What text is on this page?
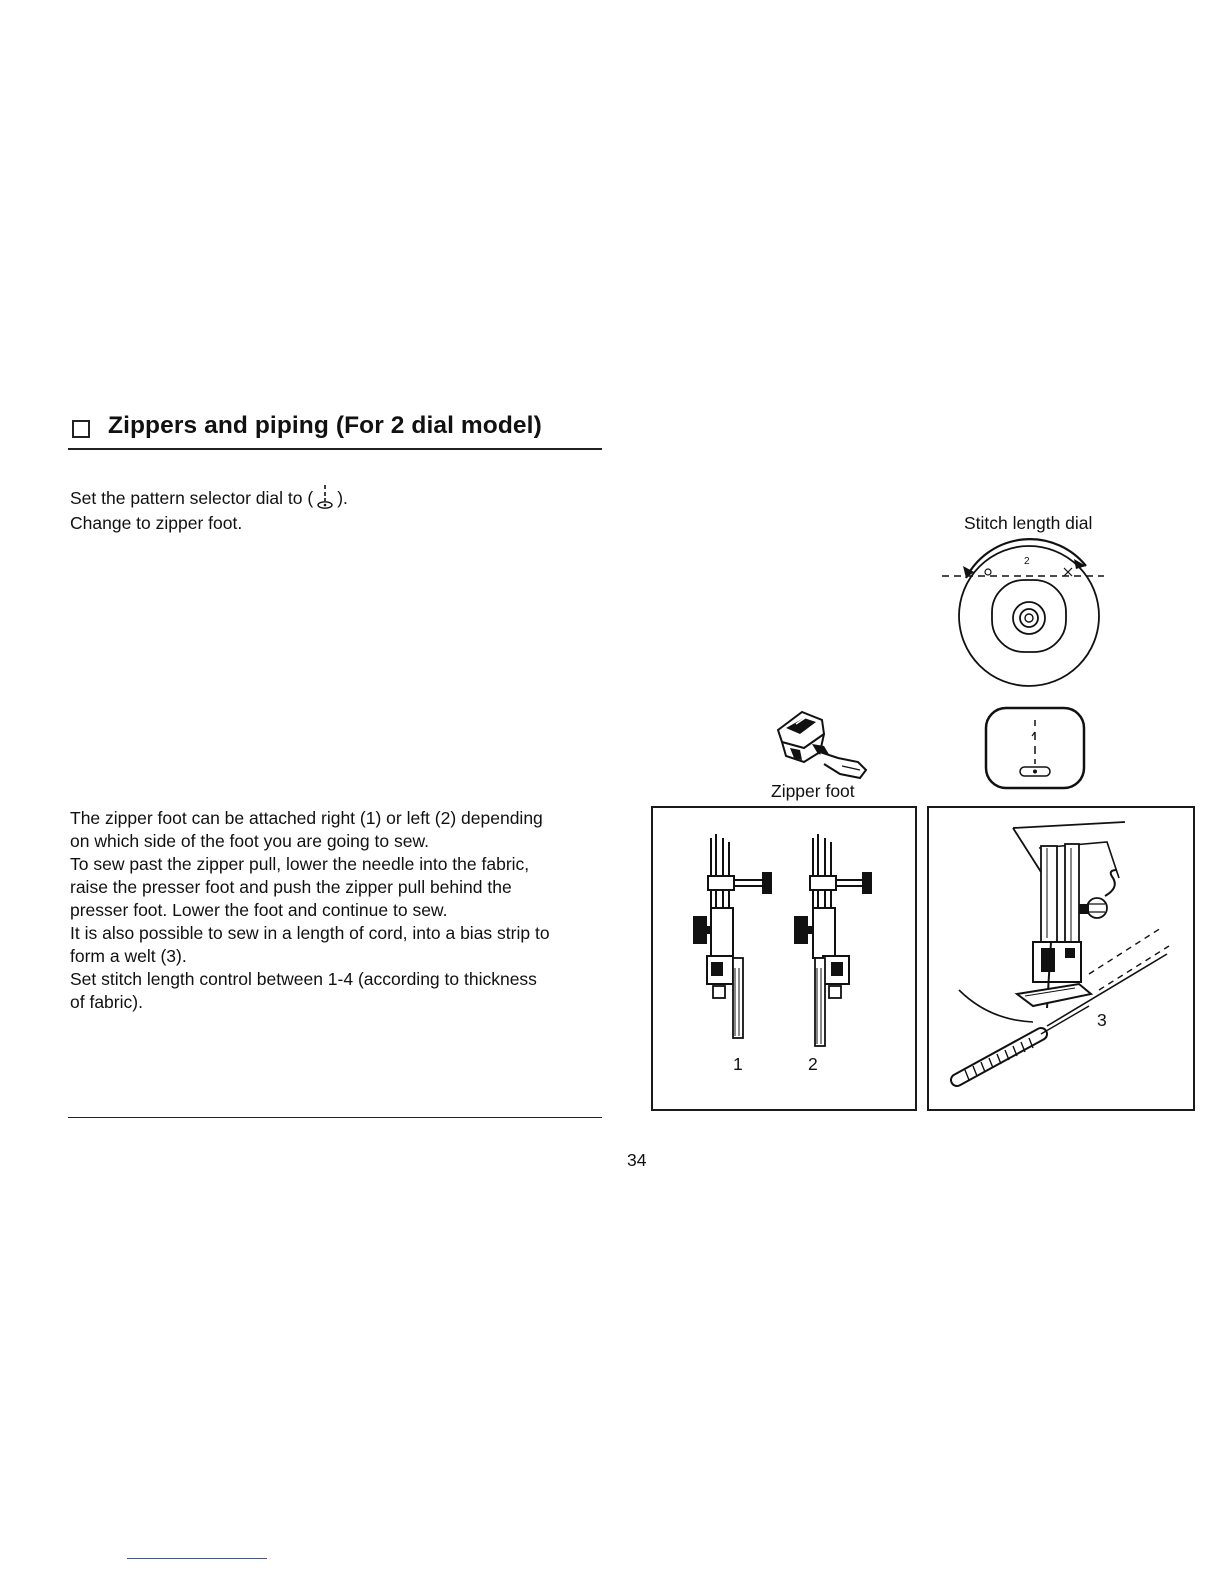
Zippers and piping (For 2 dial model)
Set the pattern selector dial to ( ).
Change to zipper foot.
The zipper foot can be attached right (1) or left (2) depending
on which side of the foot you are going to sew.
To sew past the zipper pull, lower the needle into the fabric,
raise the presser foot and push the zipper pull behind the
presser foot. Lower the foot and continue to sew.
It is also possible to sew in a length of cord, into a bias strip to
form a welt (3).
Set stitch length control between 1-4 (according to thickness
of fabric).
34
Stitch length dial
2
Zipper foot
1	2
3
